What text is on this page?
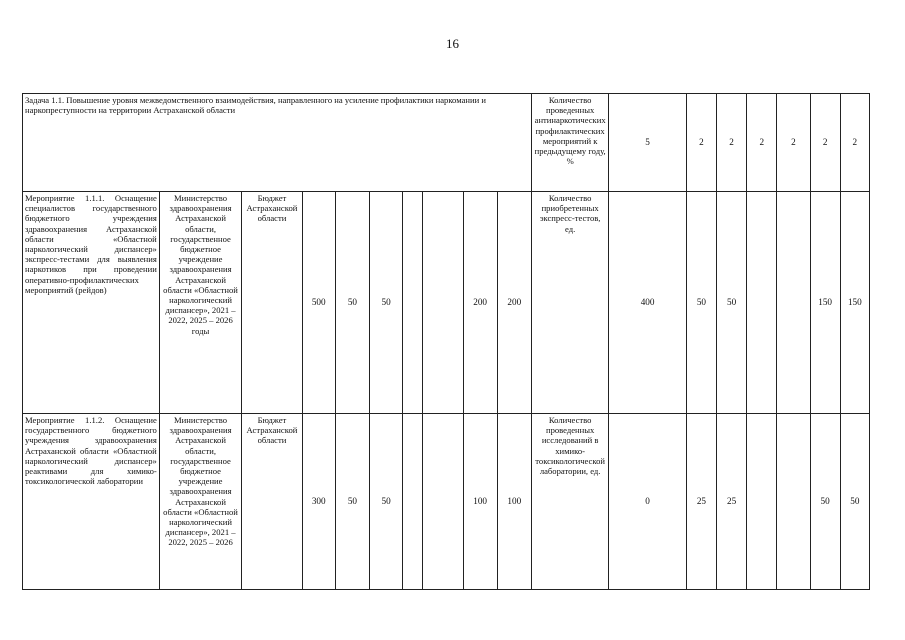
16
Задача 1.1. Повышение уровня межведомственного взаимодействия, направленного на усиление профилактики наркомании и наркопреступности на территории Астраханской области										Количество проведенных антинаркотических профилактических мероприятий к предыдущему году, %	5	2	2	2	2	2	2
Мероприятие 1.1.1. Оснащение специалистов государственного бюджетного учреждения здравоохранения Астраханской области «Областной наркологический диспансер» экспресс-тестами для выявления наркотиков при проведении оперативно-профилактических мероприятий (рейдов)	Министерство здравоохранения Астраханской области, государственное бюджетное учреждение здравоохранения Астраханской области «Областной наркологический диспансер», 2021 – 2022, 2025 – 2026 годы	Бюджет Астраханской области	500	50	50			200	200	Количество приобретенных экспресс-тестов, ед.	400	50	50			150	150
Мероприятие 1.1.2. Оснащение государственного бюджетного учреждения здравоохранения Астраханской области «Областной наркологический диспансер» реактивами для химико-токсикологической лаборатории	Министерство здравоохранения Астраханской области, государственное бюджетное учреждение здравоохранения Астраханской области «Областной наркологический диспансер», 2021 – 2022, 2025 – 2026	Бюджет Астраханской области	300	50	50			100	100	Количество проведенных исследований в химико-токсикологической лаборатории, ед.	0	25	25			50	50
